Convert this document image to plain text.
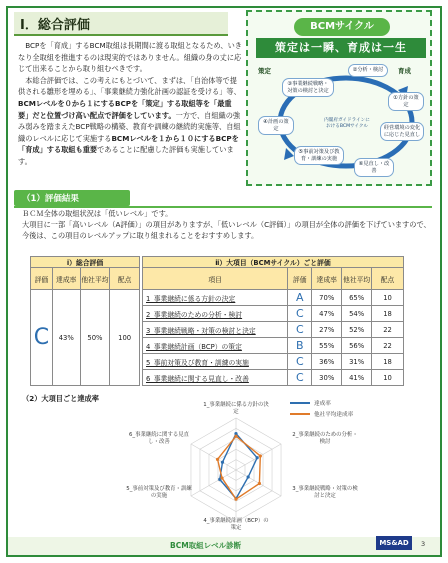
Ⅰ．総合評価

　BCPを「育成」するBCM取組は長期間に渡る取組となるため、いきなり全取組を推進するのは現実的ではありません。組織の身の丈に応じて出来ることから取り組むべきです。

　本総合評価では、この考えにもとづいて、まずは、「自治体等で提供される雛形を埋める」、「事業継続力強化計画の認証を受ける」等、BCMレベルを０から１にするBCPを「策定」する取組等を「最重要」だと位置づけ高い配点で評価をしています。一方で、自組織の強み弱みを踏まえたBCP戦略の構築、教育や訓練の継続的実施等、自組織のレベルに応じて実施するBCMレベルを１から１０にするBCPを「育成」する取組も重要であることに配慮した評価も実施しています。

BCMサイクル
策定は一瞬、育成は一生
策定	育成
②分析・検討
③事業継続戦略・対策の検討と決定
①方針の策定
④計画の策定	経営環境の変化に応じた見直し
⑤事前対策及び教育・訓練の実施
⑥見直し・改善
内閣府ガイドラインにおけるBCMサイクル
（1）評価結果

ＢＣＭ全体の取組状況は「低いレベル」です。

大項目に一部「高いレベル（A評価）」の項目がありますが、「低いレベル（C評価）」の項目が全体の評価を下げていますので、今後は、この項目のレベルアップに取り組まれることをおすすめします。

ⅰ）総合評価			
評価	達成率	他社平均	配点
C	43%	50%	100
ⅱ）大項目（BCMサイクル）ごと評価				
項目	評価	達成率	他社平均	配点
1_事業継続に係る方針の決定	A	70%	65%	10
2_事業継続のための分析・検討	C	47%	54%	18
3_事業継続戦略・対策の検討と決定	C	27%	52%	22
4_事業継続計画（BCP）の策定	B	55%	56%	22
5_事前対策及び教育・訓練の実施	C	36%	31%	18
6_事業継続に関する見直し・改善	C	30%	41%	10
（2）大項目ごと達成率
1_事業継続に係る方針の決定
2_事業継続のための分析・検討
3_事業継続戦略・対策の検討と決定
4_事業継続計画（BCP）の策定
5_事前対策及び教育・訓練の実施
6_事業継続に関する見直し・改善
達成率
他社平均達成率
BCM取組レベル診断	MS&AD	3
